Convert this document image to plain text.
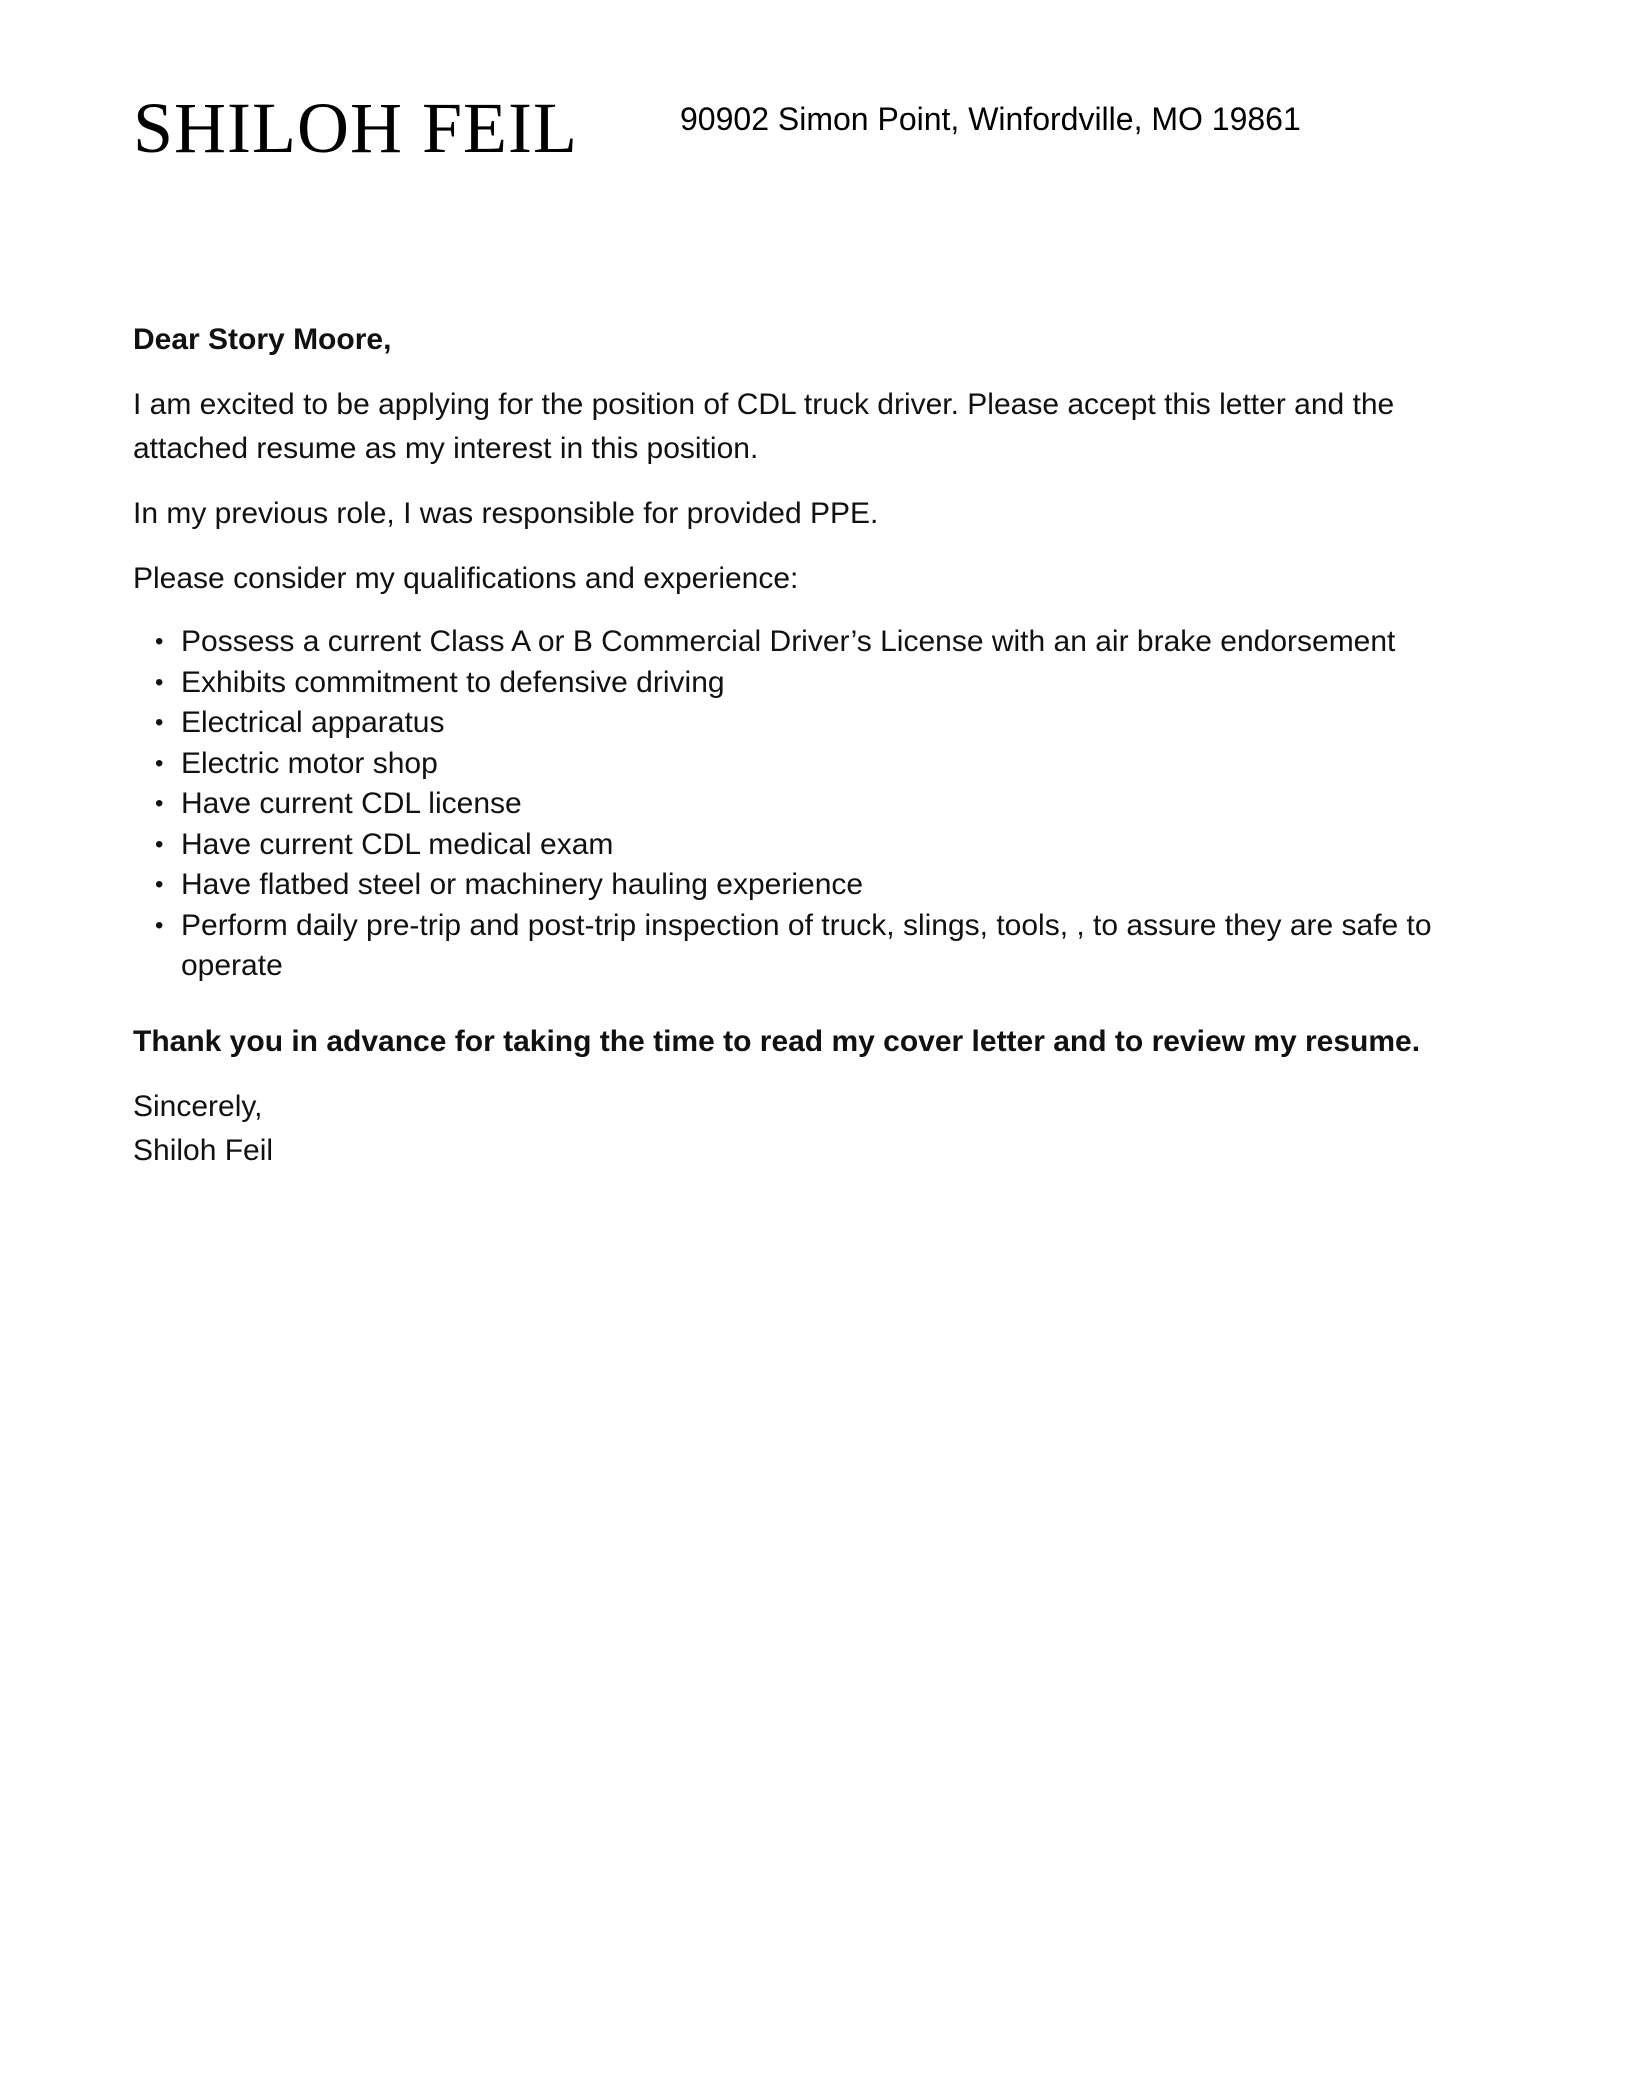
SHILOH FEIL	90902 Simon Point, Winfordville, MO 19861

Dear Story Moore,

I am excited to be applying for the position of CDL truck driver. Please accept this letter and the attached resume as my interest in this position.

In my previous role, I was responsible for provided PPE.

Please consider my qualifications and experience:

• Possess a current Class A or B Commercial Driver’s License with an air brake endorsement
• Exhibits commitment to defensive driving
• Electrical apparatus
• Electric motor shop
• Have current CDL license
• Have current CDL medical exam
• Have flatbed steel or machinery hauling experience
• Perform daily pre-trip and post-trip inspection of truck, slings, tools, , to assure they are safe to operate

Thank you in advance for taking the time to read my cover letter and to review my resume.

Sincerely,
Shiloh Feil
